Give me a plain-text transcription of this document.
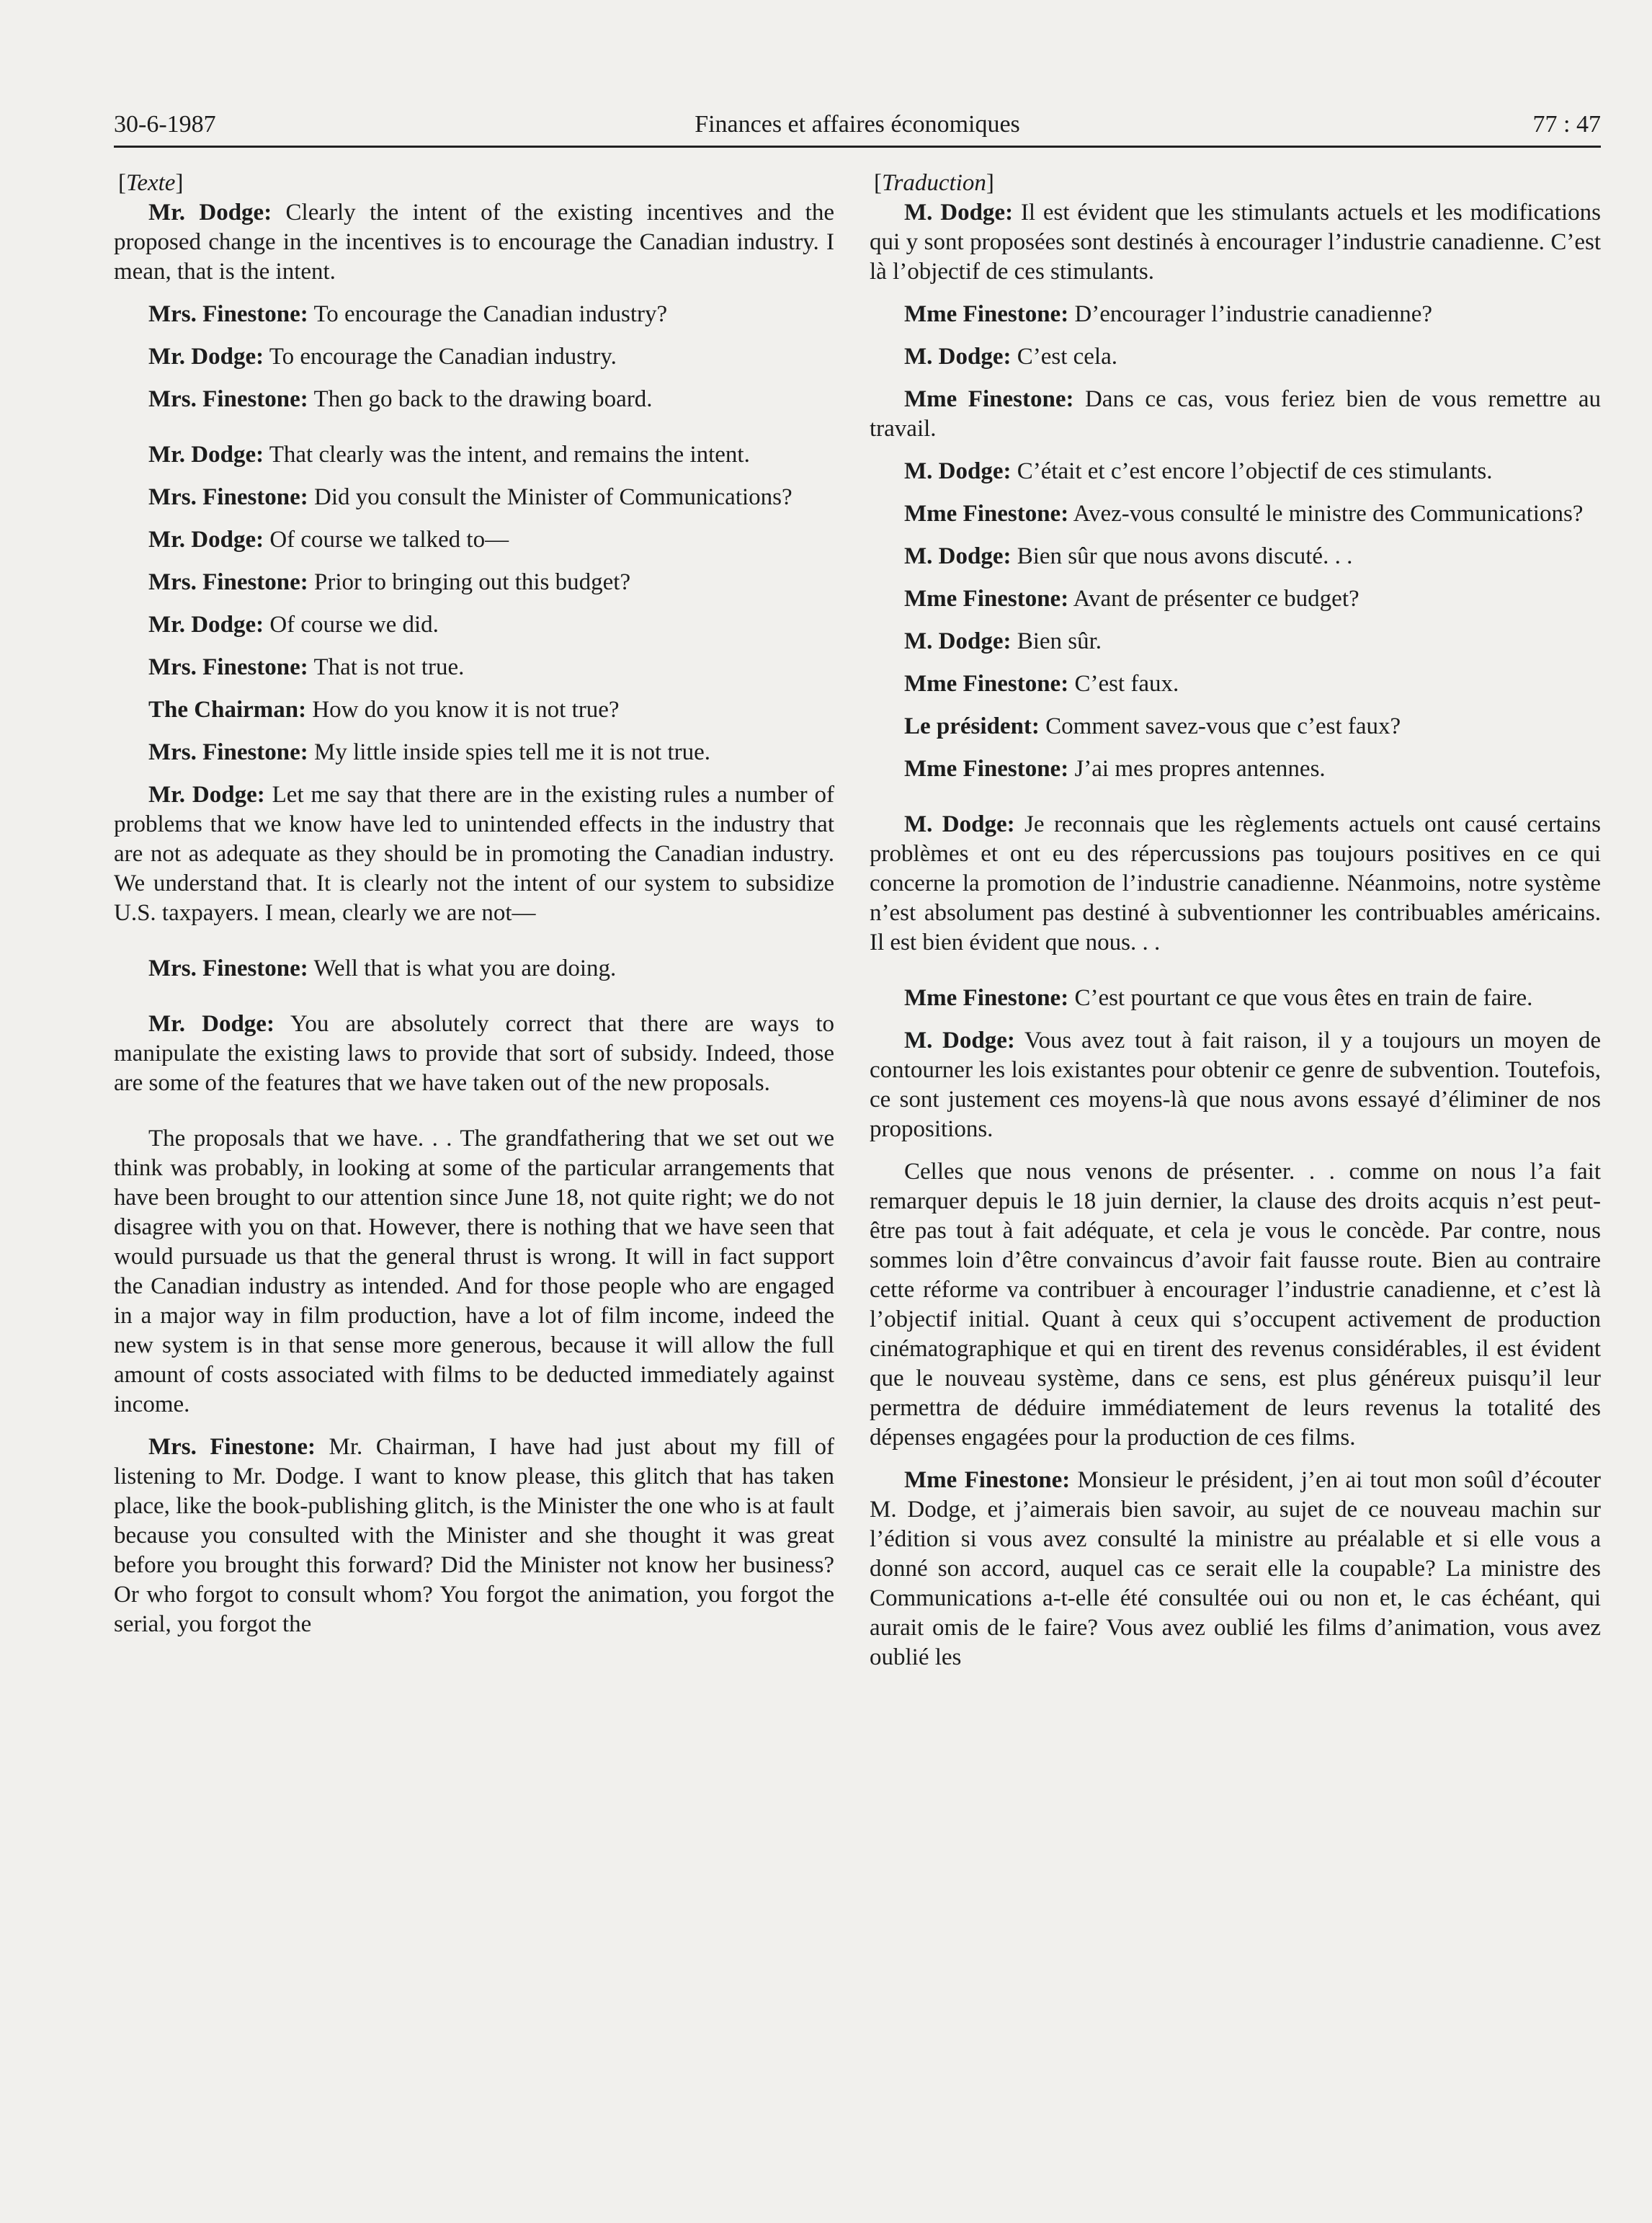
30-6-1987	Finances et affaires économiques	77 : 47

[Texte]

Mr. Dodge: Clearly the intent of the existing incentives and the proposed change in the incentives is to encourage the Canadian industry. I mean, that is the intent.

Mrs. Finestone: To encourage the Canadian industry?

Mr. Dodge: To encourage the Canadian industry.

Mrs. Finestone: Then go back to the drawing board.

Mr. Dodge: That clearly was the intent, and remains the intent.

Mrs. Finestone: Did you consult the Minister of Communications?

Mr. Dodge: Of course we talked to—

Mrs. Finestone: Prior to bringing out this budget?

Mr. Dodge: Of course we did.

Mrs. Finestone: That is not true.

The Chairman: How do you know it is not true?

Mrs. Finestone: My little inside spies tell me it is not true.

Mr. Dodge: Let me say that there are in the existing rules a number of problems that we know have led to unintended effects in the industry that are not as adequate as they should be in promoting the Canadian industry. We understand that. It is clearly not the intent of our system to subsidize U.S. taxpayers. I mean, clearly we are not—

Mrs. Finestone: Well that is what you are doing.

Mr. Dodge: You are absolutely correct that there are ways to manipulate the existing laws to provide that sort of subsidy. Indeed, those are some of the features that we have taken out of the new proposals.

The proposals that we have. . . The grandfathering that we set out we think was probably, in looking at some of the particular arrangements that have been brought to our attention since June 18, not quite right; we do not disagree with you on that. However, there is nothing that we have seen that would pursuade us that the general thrust is wrong. It will in fact support the Canadian industry as intended. And for those people who are engaged in a major way in film production, have a lot of film income, indeed the new system is in that sense more generous, because it will allow the full amount of costs associated with films to be deducted immediately against income.

Mrs. Finestone: Mr. Chairman, I have had just about my fill of listening to Mr. Dodge. I want to know please, this glitch that has taken place, like the book-publishing glitch, is the Minister the one who is at fault because you consulted with the Minister and she thought it was great before you brought this forward? Did the Minister not know her business? Or who forgot to consult whom? You forgot the animation, you forgot the serial, you forgot the

[Traduction]

M. Dodge: Il est évident que les stimulants actuels et les modifications qui y sont proposées sont destinés à encourager l’industrie canadienne. C’est là l’objectif de ces stimulants.

Mme Finestone: D’encourager l’industrie canadienne?

M. Dodge: C’est cela.

Mme Finestone: Dans ce cas, vous feriez bien de vous remettre au travail.

M. Dodge: C’était et c’est encore l’objectif de ces stimulants.

Mme Finestone: Avez-vous consulté le ministre des Communications?

M. Dodge: Bien sûr que nous avons discuté. . .

Mme Finestone: Avant de présenter ce budget?

M. Dodge: Bien sûr.

Mme Finestone: C’est faux.

Le président: Comment savez-vous que c’est faux?

Mme Finestone: J’ai mes propres antennes.

M. Dodge: Je reconnais que les règlements actuels ont causé certains problèmes et ont eu des répercussions pas toujours positives en ce qui concerne la promotion de l’industrie canadienne. Néanmoins, notre système n’est absolument pas destiné à subventionner les contribuables américains. Il est bien évident que nous. . .

Mme Finestone: C’est pourtant ce que vous êtes en train de faire.

M. Dodge: Vous avez tout à fait raison, il y a toujours un moyen de contourner les lois existantes pour obtenir ce genre de subvention. Toutefois, ce sont justement ces moyens-là que nous avons essayé d’éliminer de nos propositions.

Celles que nous venons de présenter. . . comme on nous l’a fait remarquer depuis le 18 juin dernier, la clause des droits acquis n’est peut-être pas tout à fait adéquate, et cela je vous le concède. Par contre, nous sommes loin d’être convaincus d’avoir fait fausse route. Bien au contraire cette réforme va contribuer à encourager l’industrie canadienne, et c’est là l’objectif initial. Quant à ceux qui s’occupent activement de production cinématographique et qui en tirent des revenus considérables, il est évident que le nouveau système, dans ce sens, est plus généreux puisqu’il leur permettra de déduire immédiatement de leurs revenus la totalité des dépenses engagées pour la production de ces films.

Mme Finestone: Monsieur le président, j’en ai tout mon soûl d’écouter M. Dodge, et j’aimerais bien savoir, au sujet de ce nouveau machin sur l’édition si vous avez consulté la ministre au préalable et si elle vous a donné son accord, auquel cas ce serait elle la coupable? La ministre des Communications a-t-elle été consultée oui ou non et, le cas échéant, qui aurait omis de le faire? Vous avez oublié les films d’animation, vous avez oublié les
